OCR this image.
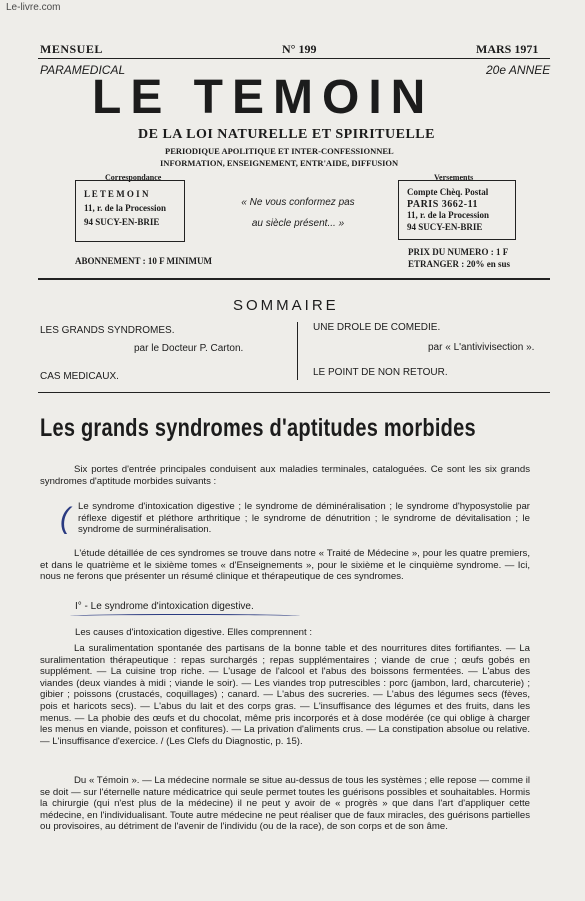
Le-livre.com
MENSUEL	N° 199	MARS 1971
PARAMEDICAL	20e ANNEE
LE TEMOIN
DE LA LOI NATURELLE ET SPIRITUELLE
PERIODIQUE APOLITIQUE ET INTER-CONFESSIONNEL
INFORMATION, ENSEIGNEMENT, ENTR'AIDE, DIFFUSION
Correspondance
L E T E M O I N
11, r. de la Procession
94 SUCY-EN-BRIE
« Ne vous conformez pas
au siècle présent... »
Versements
Compte Chèq. Postal
PARIS 3662-11
11, r. de la Procession
94 SUCY-EN-BRIE
ABONNEMENT : 10 F MINIMUM
PRIX DU NUMERO : 1 F
ETRANGER : 20% en sus
SOMMAIRE
LES GRANDS SYNDROMES.
par le Docteur P. Carton.
CAS MEDICAUX.
UNE DROLE DE COMEDIE.
par « L'antivivisection ».
LE POINT DE NON RETOUR.
Les grands syndromes d'aptitudes morbides
Six portes d'entrée principales conduisent aux maladies terminales, cataloguées. Ce sont les six grands syndromes d'aptitude morbides suivants :
( Le syndrome d'intoxication digestive ; le syndrome de déminéralisation ; le syndrome d'hyposystolie par réflexe digestif et pléthore arthritique ; le syndrome de dénutrition ; le syndrome de dévitalisation ; le syndrome de surminéralisation.
L'étude détaillée de ces syndromes se trouve dans notre « Traité de Médecine », pour les quatre premiers, et dans le quatrième et le sixième tomes « d'Enseignements », pour le sixième et le cinquième syndrome. — Ici, nous ne ferons que présenter un résumé clinique et thérapeutique de ces syndromes.
I° - Le syndrome d'intoxication digestive.
Les causes d'intoxication digestive. Elles comprennent :
La suralimentation spontanée des partisans de la bonne table et des nourritures dites fortifiantes. — La suralimentation thérapeutique : repas surchargés ; repas supplémentaires ; viande de crue ; œufs gobés en supplément. — La cuisine trop riche. — L'usage de l'alcool et l'abus des boissons fermentées. — L'abus des viandes (deux viandes à midi ; viande le soir). — Les viandes trop putrescibles : porc (jambon, lard, charcuterie) ; gibier ; poissons (crustacés, coquillages) ; canard. — L'abus des sucreries. — L'abus des légumes secs (fèves, pois et haricots secs). — L'abus du lait et des corps gras. — L'insuffisance des légumes et des fruits, dans les menus. — La phobie des œufs et du chocolat, même pris incorporés et à dose modérée (ce qui oblige à charger les menus en viande, poisson et confitures). — La privation d'aliments crus. — La constipation absolue ou relative. — L'insuffisance d'exercice. / (Les Clefs du Diagnostic, p. 15).
Du « Témoin ». — La médecine normale se situe au-dessus de tous les systèmes ; elle repose — comme il se doit — sur l'éternelle nature médicatrice qui seule permet toutes les guérisons possibles et souhaitables. Hormis la chirurgie (qui n'est plus de la médecine) il ne peut y avoir de « progrès » que dans l'art d'appliquer cette médecine, en l'individualisant. Toute autre médecine ne peut réaliser que de faux miracles, des guérisons partielles ou provisoires, au détriment de l'avenir de l'individu (ou de la race), de son corps et de son âme.
